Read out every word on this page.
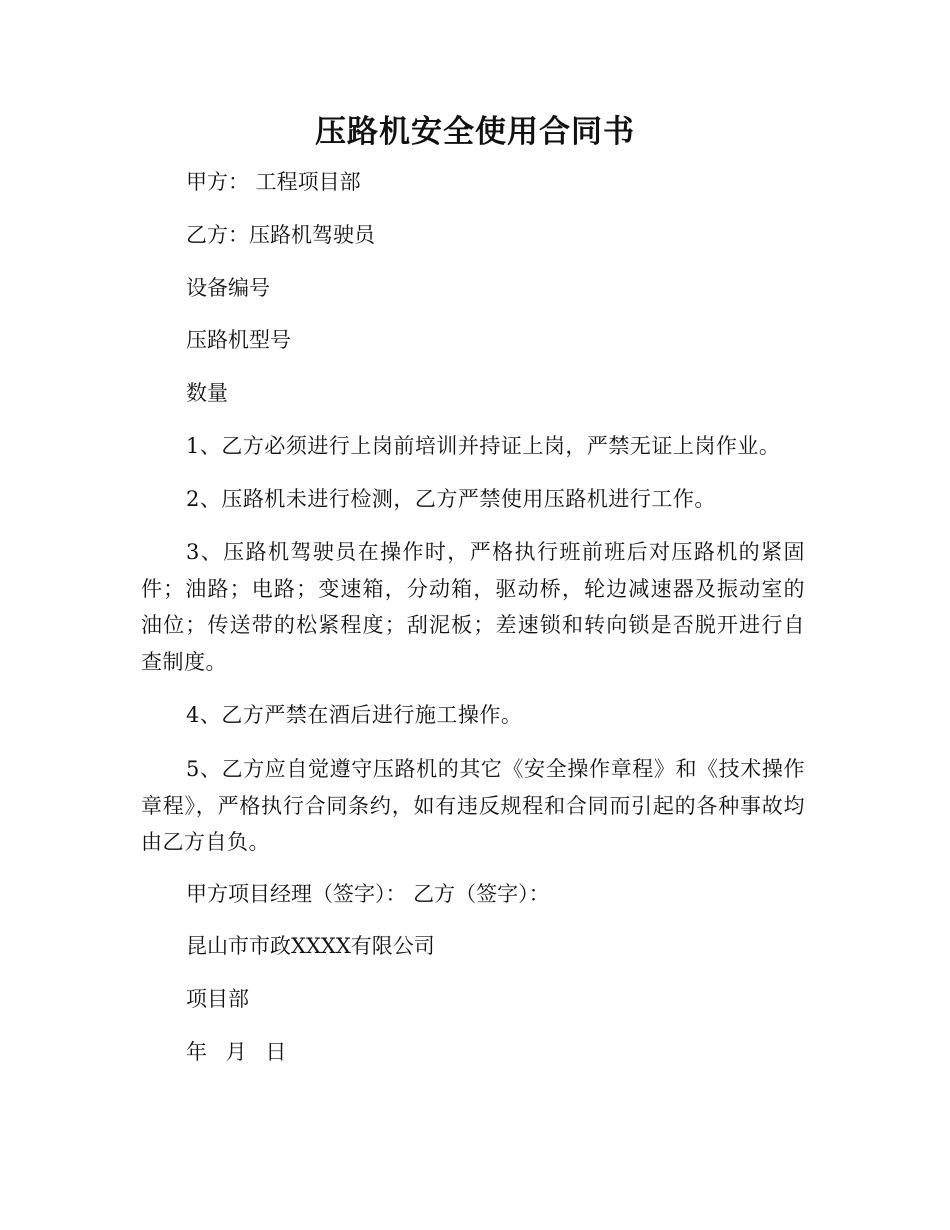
压路机安全使用合同书

甲方： 工程项目部

乙方：压路机驾驶员

设备编号

压路机型号

数量

1、乙方必须进行上岗前培训并持证上岗，严禁无证上岗作业。

2、压路机未进行检测，乙方严禁使用压路机进行工作。

3、压路机驾驶员在操作时，严格执行班前班后对压路机的紧固件；油路；电路；变速箱，分动箱，驱动桥，轮边减速器及振动室的油位；传送带的松紧程度；刮泥板；差速锁和转向锁是否脱开进行自查制度。

4、乙方严禁在酒后进行施工操作。

5、乙方应自觉遵守压路机的其它《安全操作章程》和《技术操作章程》，严格执行合同条约，如有违反规程和合同而引起的各种事故均由乙方自负。

甲方项目经理（签字）： 乙方（签字）：

昆山市市政XXXX有限公司

项目部

年 月 日
